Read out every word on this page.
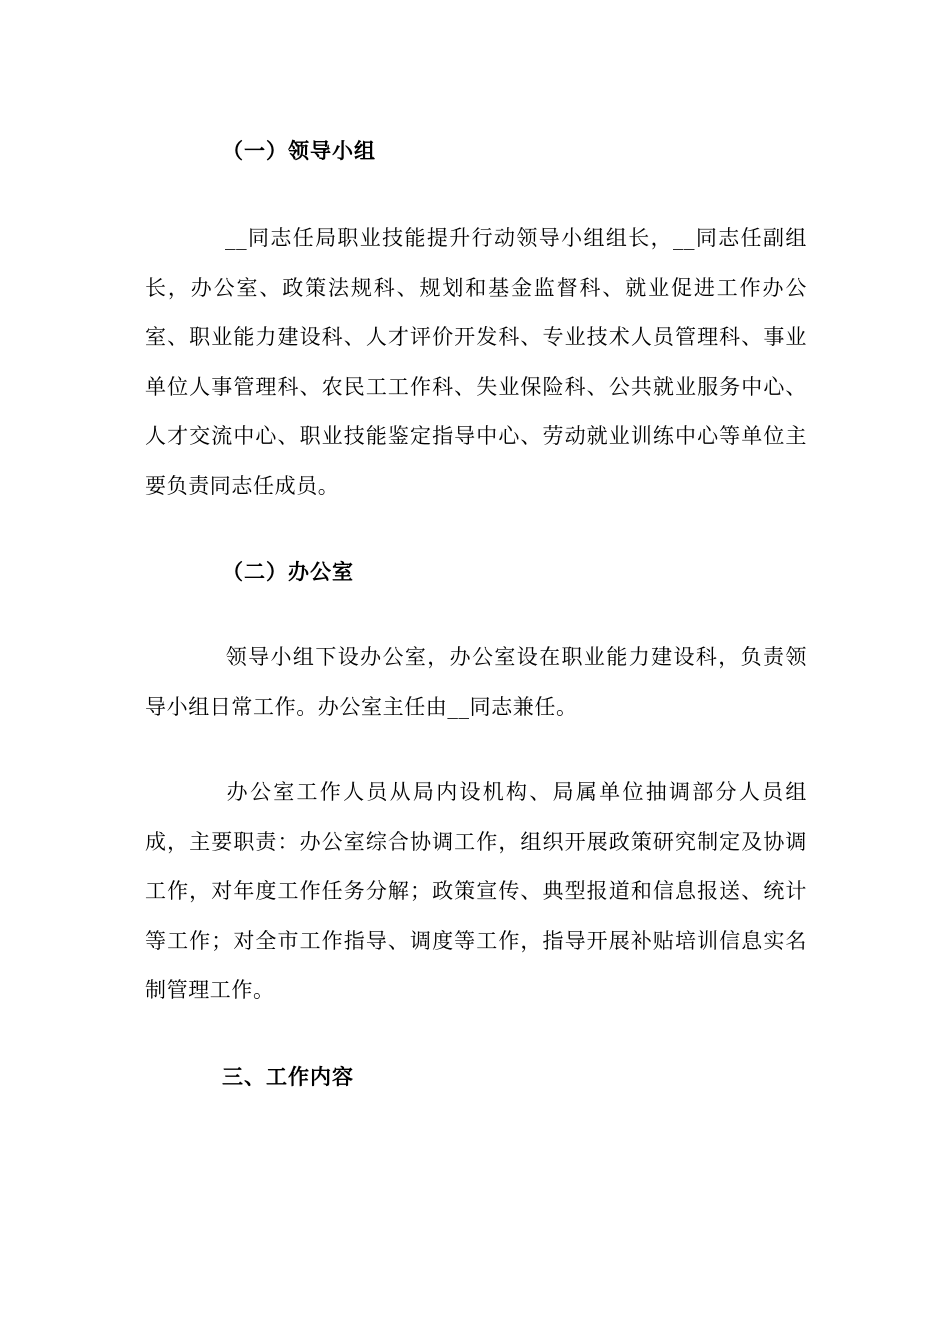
（一）领导小组

__同志任局职业技能提升行动领导小组组长，__同志任副组长，办公室、政策法规科、规划和基金监督科、就业促进工作办公室、职业能力建设科、人才评价开发科、专业技术人员管理科、事业单位人事管理科、农民工工作科、失业保险科、公共就业服务中心、人才交流中心、职业技能鉴定指导中心、劳动就业训练中心等单位主要负责同志任成员。

（二）办公室

领导小组下设办公室，办公室设在职业能力建设科，负责领导小组日常工作。办公室主任由__同志兼任。

办公室工作人员从局内设机构、局属单位抽调部分人员组成，主要职责：办公室综合协调工作，组织开展政策研究制定及协调工作，对年度工作任务分解；政策宣传、典型报道和信息报送、统计等工作；对全市工作指导、调度等工作，指导开展补贴培训信息实名制管理工作。

三、工作内容
